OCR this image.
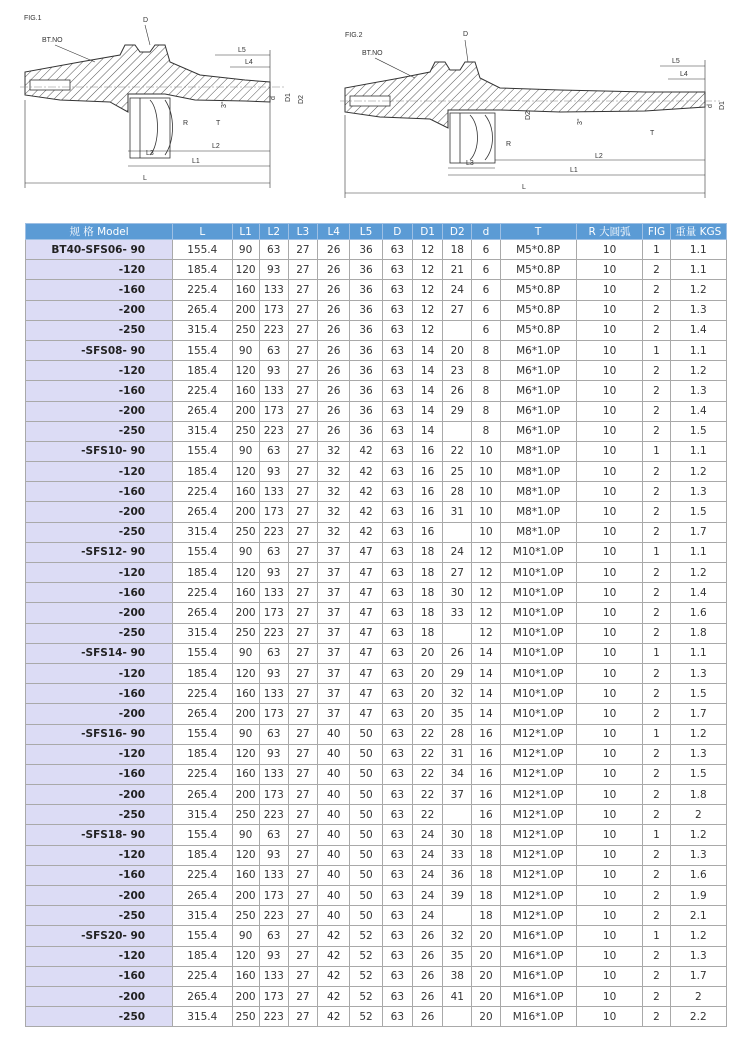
FIG.1	D
BT.NO
L5
L4
d D1 D2
3°
T
R
L3
L2
L1
L
FIG.2	D
BT.NO
L5
L4
d D1
D2
3°
T
R
L3
L2
L1
L
规 格 Model	L	L1	L2	L3	L4	L5	D	D1	D2	d	T	R 大圓弧	FIG	重量 KGS
BT40-SFS06- 90	155.4	90	63	27	26	36	63	12	18	6	M5*0.8P	10	1	1.1
-120	185.4	120	93	27	26	36	63	12	21	6	M5*0.8P	10	2	1.1
-160	225.4	160	133	27	26	36	63	12	24	6	M5*0.8P	10	2	1.2
-200	265.4	200	173	27	26	36	63	12	27	6	M5*0.8P	10	2	1.3
-250	315.4	250	223	27	26	36	63	12		6	M5*0.8P	10	2	1.4
-SFS08- 90	155.4	90	63	27	26	36	63	14	20	8	M6*1.0P	10	1	1.1
-120	185.4	120	93	27	26	36	63	14	23	8	M6*1.0P	10	2	1.2
-160	225.4	160	133	27	26	36	63	14	26	8	M6*1.0P	10	2	1.3
-200	265.4	200	173	27	26	36	63	14	29	8	M6*1.0P	10	2	1.4
-250	315.4	250	223	27	26	36	63	14		8	M6*1.0P	10	2	1.5
-SFS10- 90	155.4	90	63	27	32	42	63	16	22	10	M8*1.0P	10	1	1.1
-120	185.4	120	93	27	32	42	63	16	25	10	M8*1.0P	10	2	1.2
-160	225.4	160	133	27	32	42	63	16	28	10	M8*1.0P	10	2	1.3
-200	265.4	200	173	27	32	42	63	16	31	10	M8*1.0P	10	2	1.5
-250	315.4	250	223	27	32	42	63	16		10	M8*1.0P	10	2	1.7
-SFS12- 90	155.4	90	63	27	37	47	63	18	24	12	M10*1.0P	10	1	1.1
-120	185.4	120	93	27	37	47	63	18	27	12	M10*1.0P	10	2	1.2
-160	225.4	160	133	27	37	47	63	18	30	12	M10*1.0P	10	2	1.4
-200	265.4	200	173	27	37	47	63	18	33	12	M10*1.0P	10	2	1.6
-250	315.4	250	223	27	37	47	63	18		12	M10*1.0P	10	2	1.8
-SFS14- 90	155.4	90	63	27	37	47	63	20	26	14	M10*1.0P	10	1	1.1
-120	185.4	120	93	27	37	47	63	20	29	14	M10*1.0P	10	2	1.3
-160	225.4	160	133	27	37	47	63	20	32	14	M10*1.0P	10	2	1.5
-200	265.4	200	173	27	37	47	63	20	35	14	M10*1.0P	10	2	1.7
-SFS16- 90	155.4	90	63	27	40	50	63	22	28	16	M12*1.0P	10	1	1.2
-120	185.4	120	93	27	40	50	63	22	31	16	M12*1.0P	10	2	1.3
-160	225.4	160	133	27	40	50	63	22	34	16	M12*1.0P	10	2	1.5
-200	265.4	200	173	27	40	50	63	22	37	16	M12*1.0P	10	2	1.8
-250	315.4	250	223	27	40	50	63	22		16	M12*1.0P	10	2	2
-SFS18- 90	155.4	90	63	27	40	50	63	24	30	18	M12*1.0P	10	1	1.2
-120	185.4	120	93	27	40	50	63	24	33	18	M12*1.0P	10	2	1.3
-160	225.4	160	133	27	40	50	63	24	36	18	M12*1.0P	10	2	1.6
-200	265.4	200	173	27	40	50	63	24	39	18	M12*1.0P	10	2	1.9
-250	315.4	250	223	27	40	50	63	24		18	M12*1.0P	10	2	2.1
-SFS20- 90	155.4	90	63	27	42	52	63	26	32	20	M16*1.0P	10	1	1.2
-120	185.4	120	93	27	42	52	63	26	35	20	M16*1.0P	10	2	1.3
-160	225.4	160	133	27	42	52	63	26	38	20	M16*1.0P	10	2	1.7
-200	265.4	200	173	27	42	52	63	26	41	20	M16*1.0P	10	2	2
-250	315.4	250	223	27	42	52	63	26		20	M16*1.0P	10	2	2.2
